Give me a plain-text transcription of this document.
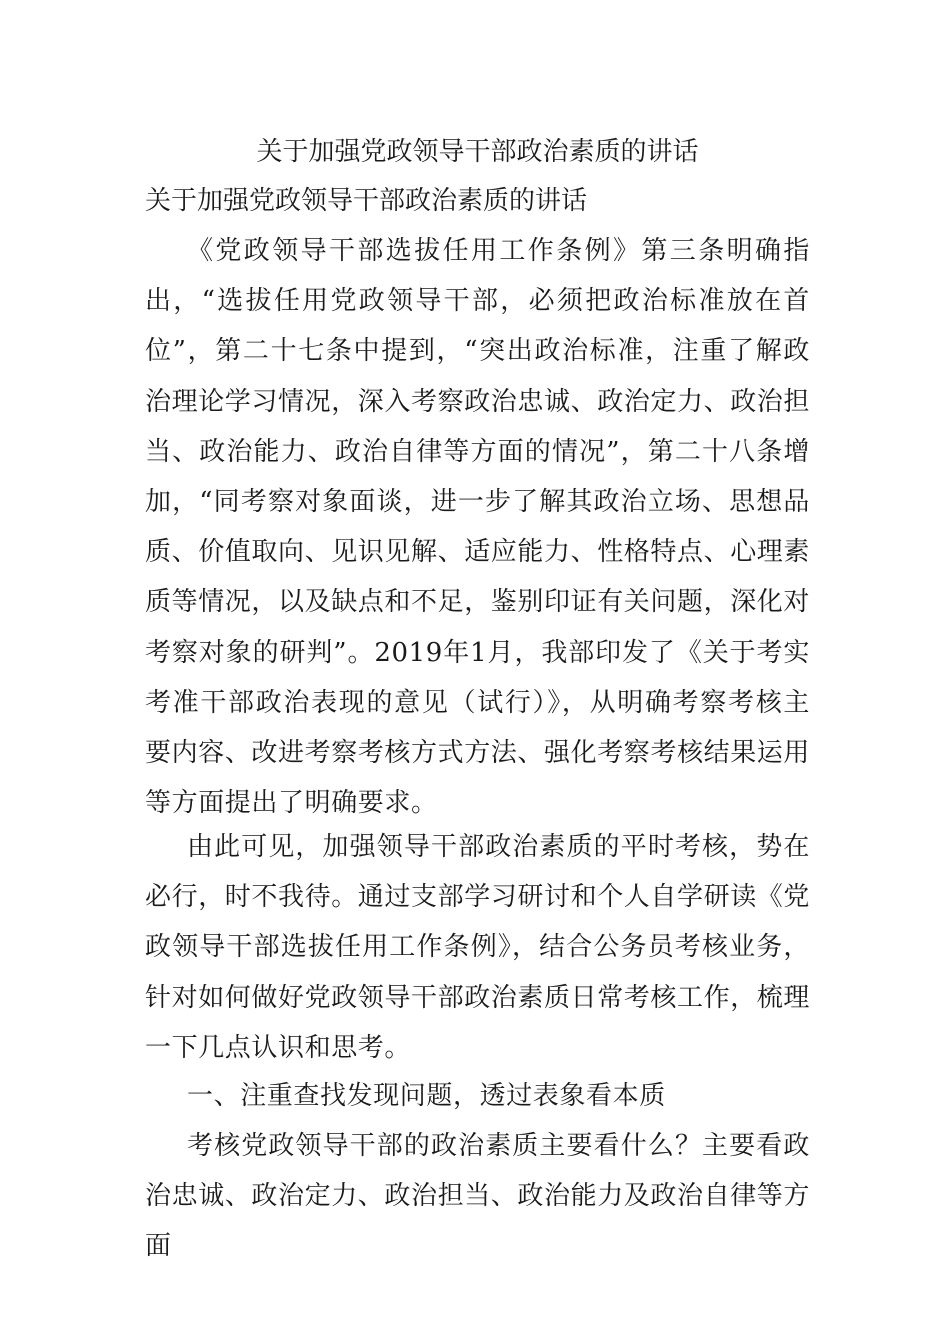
关于加强党政领导干部政治素质的讲话
关于加强党政领导干部政治素质的讲话

《党政领导干部选拔任用工作条例》第三条明确指出，“选拔任用党政领导干部，必须把政治标准放在首位”，第二十七条中提到，“突出政治标准，注重了解政治理论学习情况，深入考察政治忠诚、政治定力、政治担当、政治能力、政治自律等方面的情况”，第二十八条增加，“同考察对象面谈，进一步了解其政治立场、思想品质、价值取向、见识见解、适应能力、性格特点、心理素质等情况，以及缺点和不足，鉴别印证有关问题，深化对考察对象的研判”。2019年1月，我部印发了《关于考实考准干部政治表现的意见（试行）》，从明确考察考核主要内容、改进考察考核方式方法、强化考察考核结果运用等方面提出了明确要求。

由此可见，加强领导干部政治素质的平时考核，势在必行，时不我待。通过支部学习研讨和个人自学研读《党政领导干部选拔任用工作条例》，结合公务员考核业务，针对如何做好党政领导干部政治素质日常考核工作，梳理一下几点认识和思考。

一、注重查找发现问题，透过表象看本质

考核党政领导干部的政治素质主要看什么？主要看政治忠诚、政治定力、政治担当、政治能力及政治自律等方面
